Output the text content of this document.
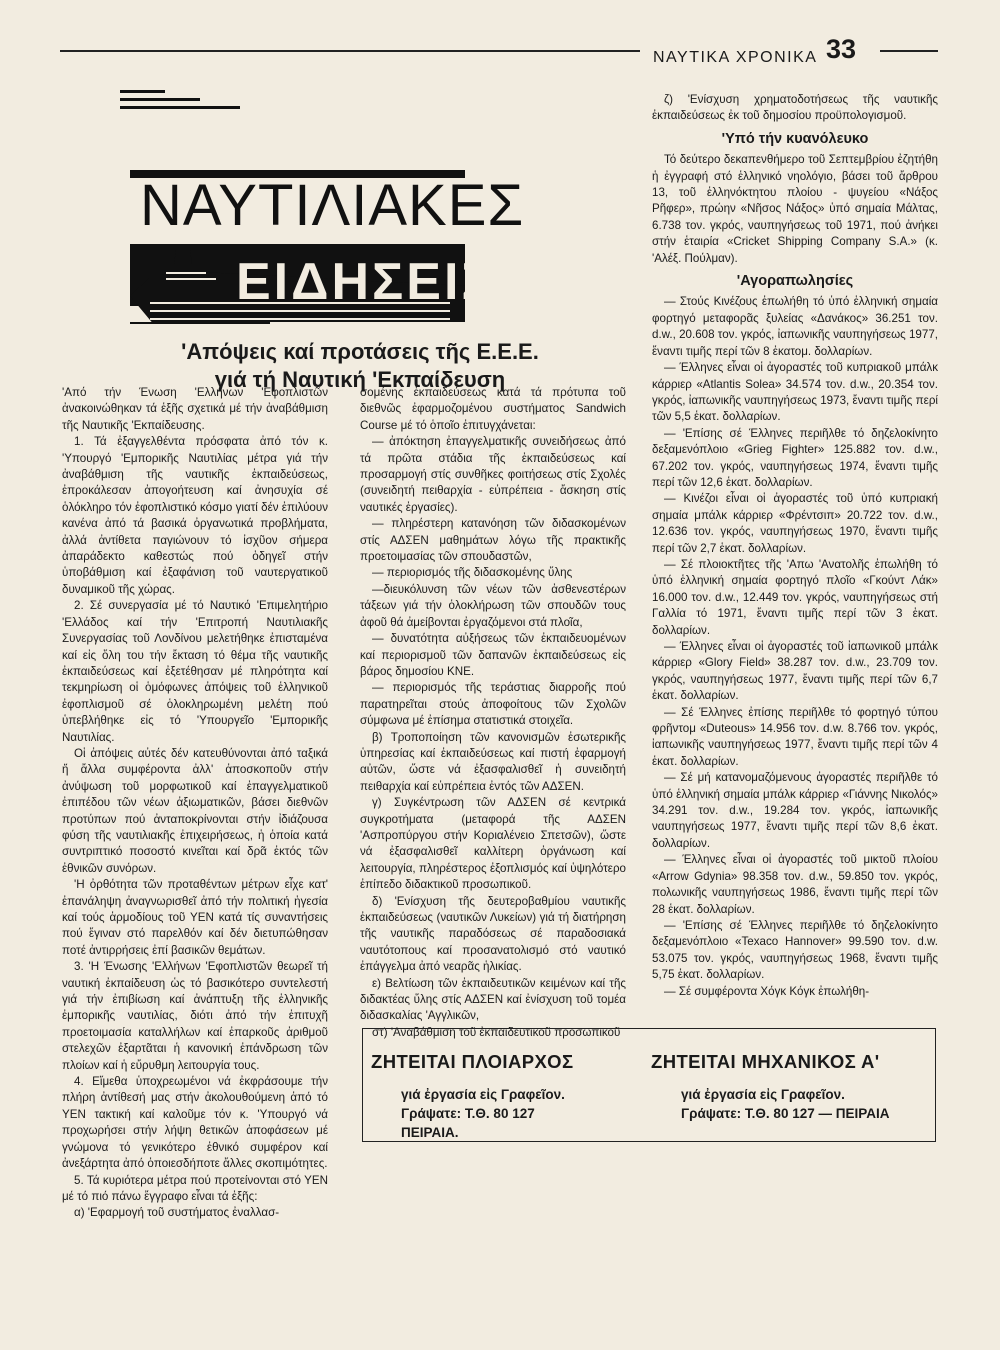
ΝΑΥΤΙΚΑ ΧΡΟΝΙΚΑ 33
ΝΑΥΤΙΛΙΑΚΕΣ
ΕΙΔΗΣΕΙΣ
'Απόψεις καί προτάσεις τῆς Ε.Ε.Ε.
γιά τή Ναυτική 'Εκπαίδευση

'Από τήν Ένωση 'Ελλήνων 'Εφοπλιστῶν ἀνακοινώθηκαν τά ἑξῆς σχετικά μέ τήν ἀναβάθμιση τῆς Ναυτικῆς 'Εκπαίδευσης.

1. Τά ἐξαγγελθέντα πρόσφατα ἀπό τόν κ. 'Υπουργό 'Εμπορικῆς Ναυτιλίας μέτρα γιά τήν ἀναβάθμιση τῆς ναυτικῆς ἐκπαιδεύσεως, ἐπροκάλεσαν ἀπογοήτευση καί ἀνησυχία σέ ὁλόκληρο τόν ἐφοπλιστικό κόσμο γιατί δέν ἐπιλύουν κανένα ἀπό τά βασικά ὀργανωτικά προβλήματα, ἀλλά ἀντίθετα παγιώνουν τό ἰσχῦον σήμερα ἀπαράδεκτο καθεστώς πού ὁδηγεῖ στήν ὑποβάθμιση καί ἐξαφάνιση τοῦ ναυτεργατικοῦ δυναμικοῦ τῆς χώρας.

2. Σέ συνεργασία μέ τό Ναυτικό 'Επιμελητήριο 'Ελλάδος καί τήν 'Επιτροπή Ναυτιλιακῆς Συνεργασίας τοῦ Λονδίνου μελετήθηκε ἐπισταμένα καί εἰς ὅλη του τήν ἔκταση τό θέμα τῆς ναυτικῆς ἐκπαιδεύσεως καί ἐξετέθησαν μέ πληρότητα καί τεκμηρίωση οἱ ὁμόφωνες ἀπόψεις τοῦ ἑλληνικοῦ ἐφοπλισμοῦ σέ ὁλοκληρωμένη μελέτη πού ὑπεβλήθηκε εἰς τό 'Υπουργεῖο 'Εμπορικῆς Ναυτιλίας.

Οἱ ἀπόψεις αὐτές δέν κατευθύνονται ἀπό ταξικά ἤ ἄλλα συμφέροντα ἀλλ' ἀποσκοποῦν στήν ἀνύψωση τοῦ μορφωτικοῦ καί ἐπαγγελματικοῦ ἐπιπέδου τῶν νέων ἀξιωματικῶν, βάσει διεθνῶν προτύπων πού ἀνταποκρίνονται στήν ἰδιάζουσα φύση τῆς ναυτιλιακῆς ἐπιχειρήσεως, ἡ ὁποία κατά συντριπτικό ποσοστό κινεῖται καί δρᾶ ἐκτός τῶν ἐθνικῶν συνόρων.

'Η ὀρθότητα τῶν προταθέντων μέτρων εἶχε κατ' ἐπανάληψη ἀναγνωρισθεῖ ἀπό τήν πολιτική ἡγεσία καί τούς ἁρμοδίους τοῦ ΥΕΝ κατά τίς συναντήσεις πού ἔγιναν στό παρελθόν καί δέν διετυπώθησαν ποτέ ἀντιρρήσεις ἐπί βασικῶν θεμάτων.

3. 'Η Ένωσης 'Ελλήνων 'Εφοπλιστῶν θεωρεῖ τή ναυτική ἐκπαίδευση ὡς τό βασικότερο συντελεστή γιά τήν ἐπιβίωση καί ἀνάπτυξη τῆς ἑλληνικῆς ἐμπορικῆς ναυτιλίας, διότι ἀπό τήν ἐπιτυχῆ προετοιμασία καταλλήλων καί ἐπαρκοῦς ἀριθμοῦ στελεχῶν ἐξαρτᾶται ἡ κανονική ἐπάνδρωση τῶν πλοίων καί ἡ εὔρυθμη λειτουργία τους.

4. Εἴμεθα ὑποχρεωμένοι νά ἐκφράσουμε τήν πλήρη ἀντίθεσή μας στήν ἀκολουθούμενη ἀπό τό ΥΕΝ τακτική καί καλοῦμε τόν κ. 'Υπουργό νά προχωρήσει στήν λήψη θετικῶν ἀποφάσεων μέ γνώμονα τό γενικότερο ἐθνικό συμφέρον καί ἀνεξάρτητα ἀπό ὁποιεσδήποτε ἄλλες σκοπιμότητες.

5. Τά κυριότερα μέτρα πού προτείνονται στό ΥΕΝ μέ τό πιό πάνω ἔγγραφο εἶναι τά ἑξῆς:

α) 'Εφαρμογή τοῦ συστήματος ἐναλλασ-

σομένης ἐκπαιδεύσεως κατά τά πρότυπα τοῦ διεθνῶς ἐφαρμοζομένου συστήματος Sandwich Course μέ τό ὁποῖο ἐπιτυγχάνεται:

— ἀπόκτηση ἐπαγγελματικῆς συνειδήσεως ἀπό τά πρῶτα στάδια τῆς ἐκπαιδεύσεως καί προσαρμογή στίς συνθῆκες φοιτήσεως στίς Σχολές (συνειδητή πειθαρχία - εὐπρέπεια - ἄσκηση στίς ναυτικές ἐργασίες).

— πληρέστερη κατανόηση τῶν διδασκομένων στίς ΑΔΣΕΝ μαθημάτων λόγω τῆς πρακτικῆς προετοιμασίας τῶν σπουδαστῶν,

— περιορισμός τῆς διδασκομένης ὕλης

—διευκόλυνση τῶν νέων τῶν ἀσθενεστέρων τάξεων γιά τήν ὁλοκλήρωση τῶν σπουδῶν τους ἀφοῦ θά ἀμείβονται ἐργαζόμενοι στά πλοῖα,

— δυνατότητα αὐξήσεως τῶν ἐκπαιδευομένων καί περιορισμοῦ τῶν δαπανῶν ἐκπαιδεύσεως εἰς βάρος δημοσίου ΚΝΕ.

— περιορισμός τῆς τεράστιας διαρροῆς πού παρατηρεῖται στούς ἀποφοίτους τῶν Σχολῶν σύμφωνα μέ ἐπίσημα στατιστικά στοιχεῖα.

β) Τροποποίηση τῶν κανονισμῶν ἐσωτερικῆς ὑπηρεσίας καί ἐκπαιδεύσεως καί πιστή ἐφαρμογή αὐτῶν, ὥστε νά ἐξασφαλισθεῖ ἡ συνειδητή πειθαρχία καί εὐπρέπεια ἐντός τῶν ΑΔΣΕΝ.

γ) Συγκέντρωση τῶν ΑΔΣΕΝ σέ κεντρικά συγκροτήματα (μεταφορά τῆς ΑΔΣΕΝ 'Ασπροπύργου στήν Κοριαλένειο Σπετσῶν), ὥστε νά ἐξασφαλισθεῖ καλλίτερη ὀργάνωση καί λειτουργία, πληρέστερος ἐξοπλισμός καί ὑψηλότερο ἐπίπεδο διδακτικοῦ προσωπικοῦ.

δ) 'Ενίσχυση τῆς δευτεροβαθμίου ναυτικῆς ἐκπαιδεύσεως (ναυτικῶν Λυκείων) γιά τή διατήρηση τῆς ναυτικῆς παραδόσεως σέ παραδοσιακά ναυτότοπους καί προσανατολισμό στό ναυτικό ἐπάγγελμα ἀπό νεαρᾶς ἡλικίας.

ε) Βελτίωση τῶν ἐκπαιδευτικῶν κειμένων καί τῆς διδακτέας ὕλης στίς ΑΔΣΕΝ καί ἐνίσχυση τοῦ τομέα διδασκαλίας 'Αγγλικῶν,

στ) 'Αναβάθμιση τοῦ ἐκπαιδευτικοῦ προσωπικοῦ

ζ) 'Ενίσχυση χρηματοδοτήσεως τῆς ναυτικῆς ἐκπαιδεύσεως ἐκ τοῦ δημοσίου προϋπολογισμοῦ.

'Υπό τήν κυανόλευκο

Τό δεύτερο δεκαπενθήμερο τοῦ Σεπτεμβρίου ἐζητήθη ἡ ἐγγραφή στό ἑλληνικό νηολόγιο, βάσει τοῦ ἄρθρου 13, τοῦ ἑλληνόκτητου πλοίου - ψυγείου «Νάξος Ρῆφερ», πρώην «Νῆσος Νάξος» ὑπό σημαία Μάλτας, 6.738 τον. γκρός, ναυπηγήσεως τοῦ 1971, πού ἀνήκει στήν ἑταιρία «Cricket Shipping Company S.A.» (κ. 'Αλέξ. Πούλμαν).

'Αγοραπωλησίες

— Στούς Κινέζους ἐπωλήθη τό ὑπό ἑλληνική σημαία φορτηγό μεταφορᾶς ξυλείας «Δανάκος» 36.251 τον. d.w., 20.608 τον. γκρός, ἰαπωνικῆς ναυπηγήσεως 1977, ἔναντι τιμῆς περί τῶν 8 ἑκατομ. δολλαρίων.

— Έλληνες εἶναι οἱ ἀγοραστές τοῦ κυπριακοῦ μπάλκ κάρριερ «Atlantis Solea» 34.574 τον. d.w., 20.354 τον. γκρός, ἰαπωνικῆς ναυπηγήσεως 1973, ἔναντι τιμῆς περί τῶν 5,5 ἑκατ. δολλαρίων.

— 'Επίσης σέ Έλληνες περιῆλθε τό δηζελοκίνητο δεξαμενόπλοιο «Grieg Fighter» 125.882 τον. d.w., 67.202 τον. γκρός, ναυπηγήσεως 1974, ἔναντι τιμῆς περί τῶν 12,6 ἑκατ. δολλαρίων.

— Κινέζοι εἶναι οἱ ἀγοραστές τοῦ ὑπό κυπριακή σημαία μπάλκ κάρριερ «Φρέντσιπ» 20.722 τον. d.w., 12.636 τον. γκρός, ναυπηγήσεως 1970, ἔναντι τιμῆς περί τῶν 2,7 ἑκατ. δολλαρίων.

— Σέ πλοιοκτῆτες τῆς 'Απω 'Ανατολῆς ἐπωλήθη τό ὑπό ἑλληνική σημαία φορτηγό πλοῖο «Γκούντ Λάκ» 16.000 τον. d.w., 12.449 τον. γκρός, ναυπηγήσεως στή Γαλλία τό 1971, ἔναντι τιμῆς περί τῶν 3 ἑκατ. δολλαρίων.

— Έλληνες εἶναι οἱ ἀγοραστές τοῦ ἰαπωνικοῦ μπάλκ κάρριερ «Glory Field» 38.287 τον. d.w., 23.709 τον. γκρός, ναυπηγήσεως 1977, ἔναντι τιμῆς περί τῶν 6,7 ἑκατ. δολλαρίων.

— Σέ Έλληνες ἐπίσης περιῆλθε τό φορτηγό τύπου φρῆντομ «Duteous» 14.956 τον. d.w. 8.766 τον. γκρός, ἰαπωνικῆς ναυπηγήσεως 1977, ἔναντι τιμῆς περί τῶν 4 ἑκατ. δολλαρίων.

— Σέ μή κατανομαζόμενους ἀγοραστές περιῆλθε τό ὑπό ἑλληνική σημαία μπάλκ κάρριερ «Γιάννης Νικολός» 34.291 τον. d.w., 19.284 τον. γκρός, ἰαπωνικῆς ναυπηγήσεως 1977, ἔναντι τιμῆς περί τῶν 8,6 ἑκατ. δολλαρίων.

— Έλληνες εἶναι οἱ ἀγοραστές τοῦ μικτοῦ πλοίου «Arrow Gdynia» 98.358 τον. d.w., 59.850 τον. γκρός, πολωνικῆς ναυπηγήσεως 1986, ἔναντι τιμῆς περί τῶν 28 ἑκατ. δολλαρίων.

— 'Επίσης σέ Έλληνες περιῆλθε τό δηζελοκίνητο δεξαμενόπλοιο «Texaco Hannover» 99.590 τον. d.w. 53.075 τον. γκρός, ναυπηγήσεως 1968, ἔναντι τιμῆς 5,75 ἑκατ. δολλαρίων.

— Σέ συμφέροντα Χόγκ Κόγκ ἐπωλήθη-

ΖΗΤΕΙΤΑΙ ΠΛΟΙΑΡΧΟΣ
γιά ἐργασία εἰς Γραφεῖον.
Γράψατε: Τ.Θ. 80 127
ΠΕΙΡΑΙΑ.
ΖΗΤΕΙΤΑΙ ΜΗΧΑΝΙΚΟΣ Α'
γιά ἐργασία εἰς Γραφεῖον.
Γράψατε: Τ.Θ. 80 127 — ΠΕΙΡΑΙΑ
